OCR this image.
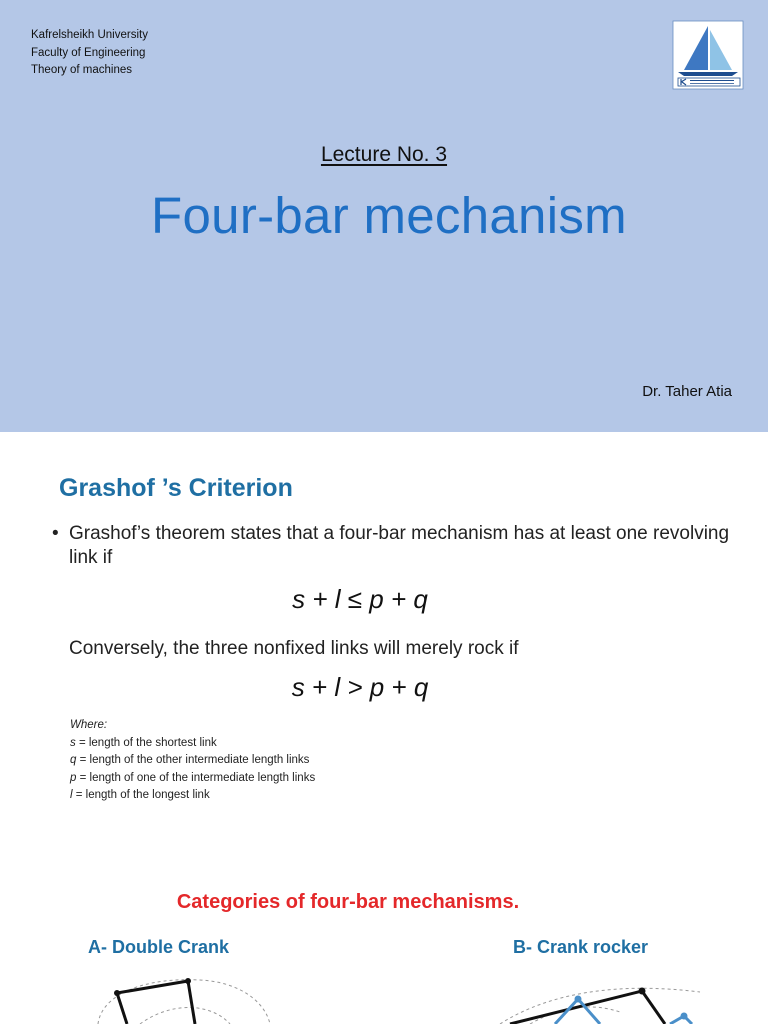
Kafrelsheikh University
Faculty of Engineering
Theory of machines
Lecture No. 3
Four-bar mechanism
Dr. Taher Atia
Grashof ’s Criterion
• Grashof’s theorem states that a four-bar mechanism has at least one revolving link if
s + l ≤ p + q
Conversely, the three nonfixed links will merely rock if
s + l > p + q
Where:
s = length of the shortest link
q = length of the other intermediate length links
p = length of one of the intermediate length links
l = length of the longest link
Categories of four-bar mechanisms.
A- Double Crank	B- Crank rocker
